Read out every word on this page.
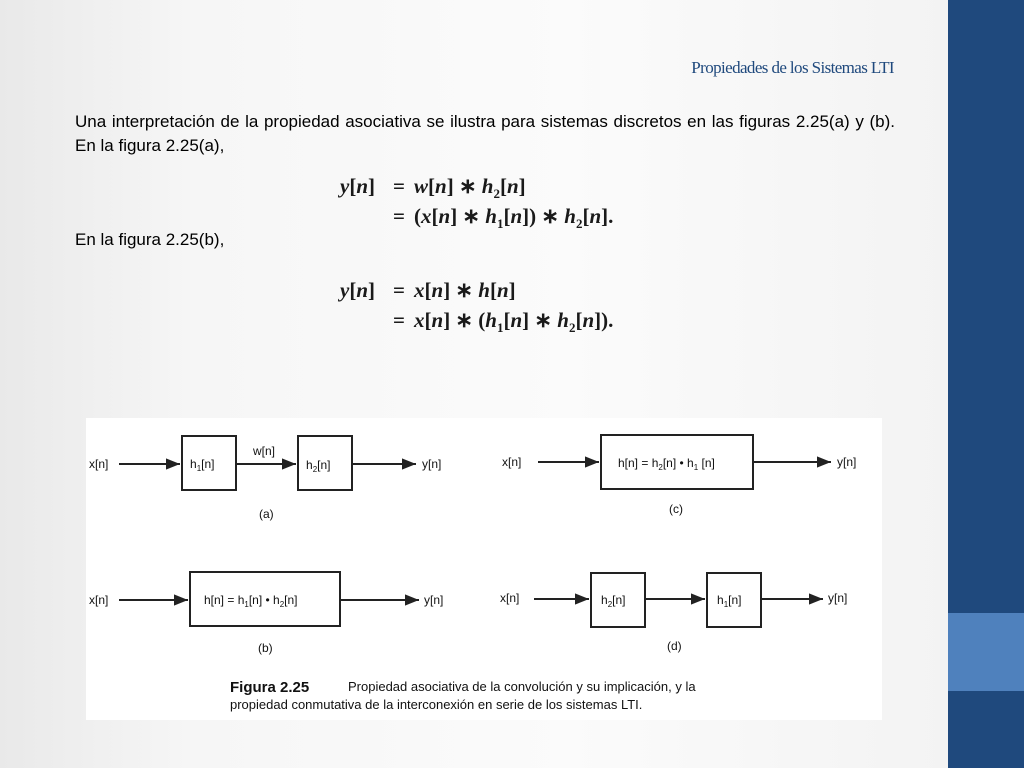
Propiedades de los Sistemas LTI
Una interpretación de la propiedad asociativa se ilustra para sistemas discretos en las figuras 2.25(a) y (b). En la figura 2.25(a),
En la figura 2.25(b),
y[n] = w[n] ∗ $h_2[n]$
= (x[n] ∗ $h_1[n]$) ∗ $h_2[n]$.
y[n] = x[n] ∗ h[n]
= x[n] ∗ ($h_1[n]$ ∗ $h_2[n]$).
x[n]	$h_1[n]$
w[n]
$h_2[n]$	y[n]
(a)
x[n]	$h[n] = h_2[n]$ • $h_1$ [n]	y[n]
(c)
x[n]	$h[n] = h_1[n]$ • $h_2[n]$	y[n]
(b)
x[n]	$h_2[n]$	$h_1[n]$	y[n]
(d)
Figura 2.25	Propiedad asociativa de la convolución y su implicación, y la
propiedad conmutativa de la interconexión en serie de los sistemas LTI.
